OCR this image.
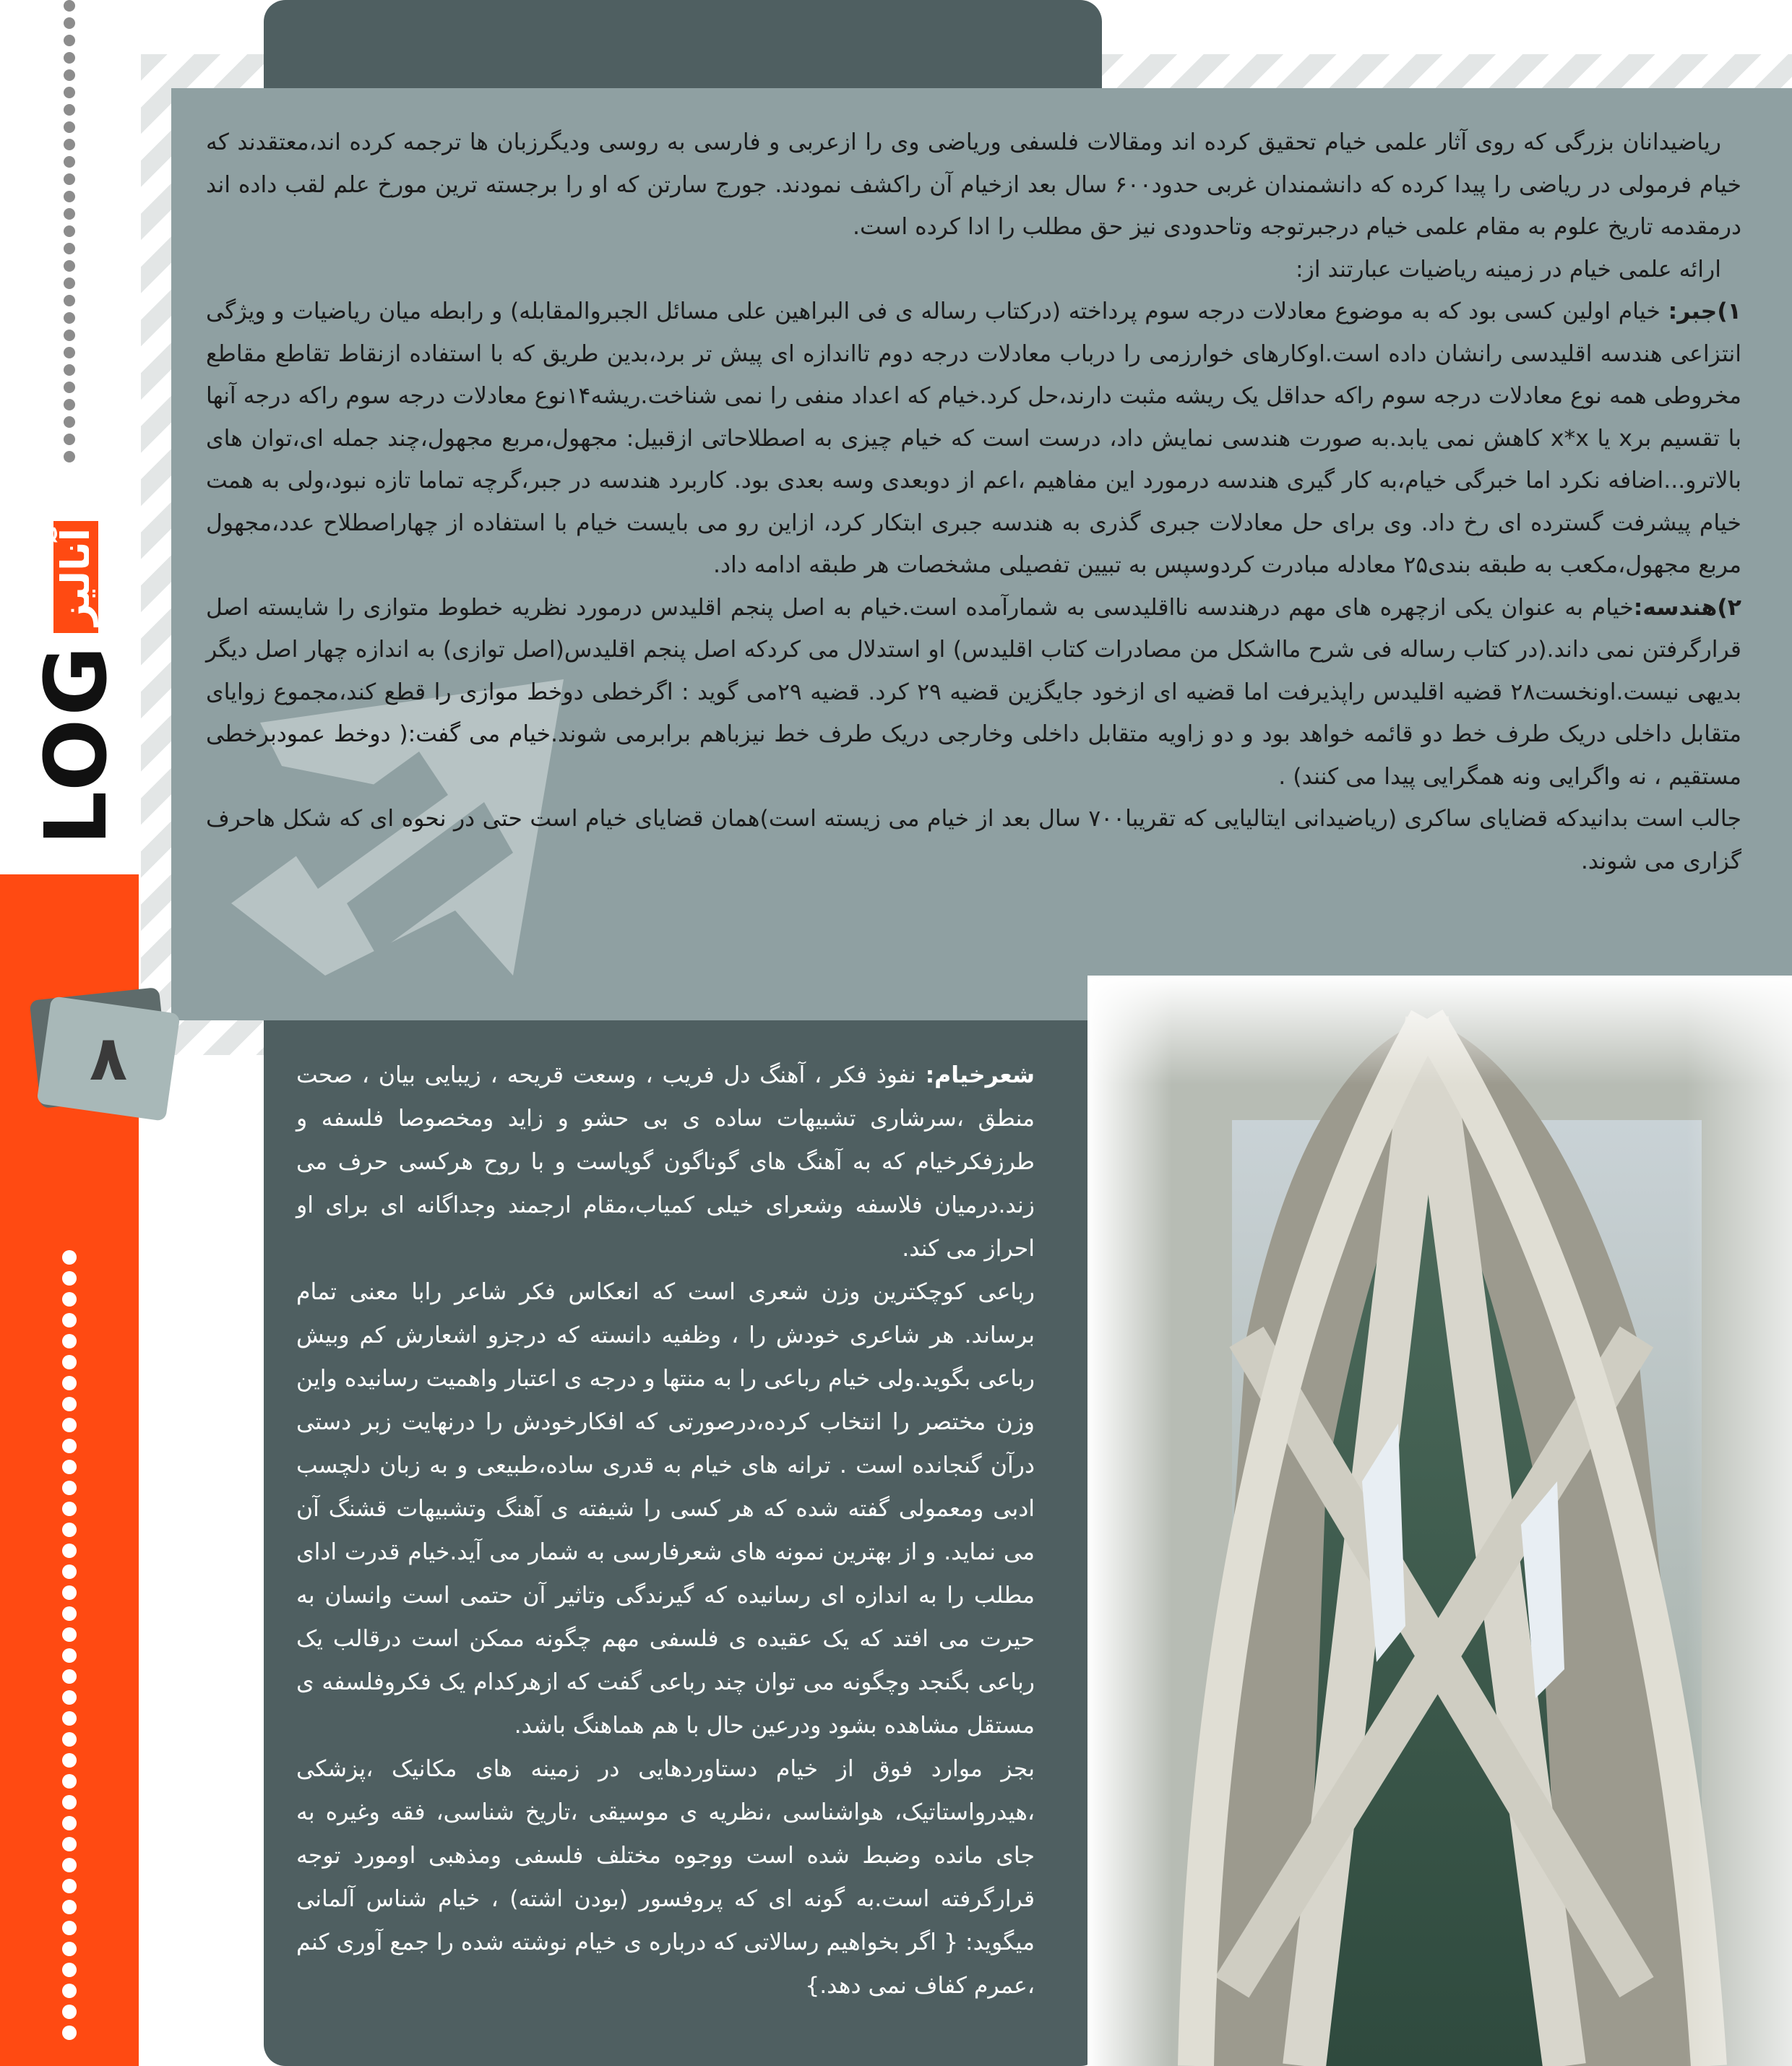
ریاضیدانان بزرگی که روی آثار علمی خیام تحقیق کرده اند ومقالات فلسفی وریاضی وی را ازعربی و فارسی به روسی ودیگرزبان ها ترجمه کرده اند،معتقدند که خیام فرمولی در ریاضی را پیدا کرده که دانشمندان غربی حدود۶۰۰ سال بعد ازخیام آن راکشف نمودند. جورج سارتن که او را برجسته ترین مورخ علم لقب داده اند درمقدمه تاریخ علوم به مقام علمی خیام درجبرتوجه وتاحدودی نیز حق مطلب را ادا کرده است.

ارائه علمی خیام در زمینه ریاضیات عبارتند از:

۱)جبر: خیام اولین کسی بود که به موضوع معادلات درجه سوم پرداخته (درکتاب رساله ی فی البراهین علی مسائل الجبروالمقابله) و رابطه میان ریاضیات و ویژگی انتزاعی هندسه اقلیدسی رانشان داده است.اوکارهای خوارزمی را درباب معادلات درجه دوم تااندازه ای پیش تر برد،بدین طریق که با استفاده ازنقاط تقاطع مقاطع مخروطی همه نوع معادلات درجه سوم راکه حداقل یک ریشه مثبت دارند،حل کرد.خیام که اعداد منفی را نمی شناخت.ریشه۱۴نوع معادلات درجه سوم راکه درجه آنها با تقسیم برx یا x*x کاهش نمی یابد.به صورت هندسی نمایش داد، درست است که خیام چیزی به اصطلاحاتی ازقبیل: مجهول،مربع مجهول،چند جمله ای،توان های بالاترو...اضافه نکرد اما خبرگی خیام،به کار گیری هندسه درمورد این مفاهیم ،اعم از دوبعدی وسه بعدی بود. کاربرد هندسه در جبر،گرچه تماما تازه نبود،ولی به همت خیام پیشرفت گسترده ای رخ داد. وی برای حل معادلات جبری گذری به هندسه جبری ابتکار کرد، ازاین رو می بایست خیام با استفاده از چهاراصطلاح عدد،مجهول مربع مجهول،مکعب به طبقه بندی۲۵ معادله مبادرت کردوسپس به تبیین تفصیلی مشخصات هر طبقه ادامه داد.

۲)هندسه:خیام به عنوان یکی ازچهره های مهم درهندسه نااقلیدسی به شمارآمده است.خیام به اصل پنجم اقلیدس درمورد نظریه خطوط متوازی را شایسته اصل قرارگرفتن نمی داند.(در کتاب رساله فی شرح مااشکل من مصادرات کتاب اقلیدس) او استدلال می کردکه اصل پنجم اقلیدس(اصل توازی) به اندازه چهار اصل دیگر بدیهی نیست.اونخست۲۸ قضیه اقلیدس راپذیرفت اما قضیه ای ازخود جایگزین قضیه ۲۹ کرد. قضیه ۲۹می گوید : اگرخطی دوخط موازی را قطع کند،مجموع زوایای متقابل داخلی دریک طرف خط دو قائمه خواهد بود و دو زاویه متقابل داخلی وخارجی دریک طرف خط نیزباهم برابرمی شوند.خیام می گفت:( دوخط عمودبرخطی مستقیم ، نه واگرایی ونه همگرایی پیدا می کنند) .

جالب است بدانیدکه قضایای ساکری (ریاضیدانی ایتالیایی که تقریبا۷۰۰ سال بعد از خیام می زیسته است)همان قضایای خیام است حتی در نحوه ای که شکل هاحرف گزاری می شوند.

LOG
آنالیز
۸	شعرخیام: نفوذ فکر ، آهنگ دل فریب ، وسعت قریحه ، زیبایی بیان ، صحت منطق ،سرشاری تشبیهات ساده ی بی حشو و زاید ومخصوصا فلسفه و طرزفکرخیام که به آهنگ های گوناگون گویاست و با روح هرکسی حرف می زند.درمیان فلاسفه وشعرای خیلی کمیاب،مقام ارجمند وجداگانه ای برای او احراز می کند.

رباعی کوچکترین وزن شعری است که انعکاس فکر شاعر رابا معنی تمام برساند. هر شاعری خودش را ، وظفیه دانسته که درجزو اشعارش کم وبیش رباعی بگوید.ولی خیام رباعی را به منتها و درجه ی اعتبار واهمیت رسانیده واین وزن مختصر را انتخاب کرده،درصورتی که افکارخودش را درنهایت زبر دستی درآن گنجانده است . ترانه های خیام به قدری ساده،طبیعی و به زبان دلچسب ادبی ومعمولی گفته شده که هر کسی را شیفته ی آهنگ وتشبیهات قشنگ آن می نماید. و از بهترین نمونه های شعرفارسی به شمار می آید.خیام قدرت ادای مطلب را به اندازه ای رسانیده که گیرندگی وتاثیر آن حتمی است وانسان به حیرت می افتد که یک عقیده ی فلسفی مهم چگونه ممکن است درقالب یک رباعی بگنجد وچگونه می توان چند رباعی گفت که ازهرکدام یک فکروفلسفه ی مستقل مشاهده بشود ودرعین حال با هم هماهنگ باشد.

بجز موارد فوق از خیام دستاوردهایی در زمینه های مکانیک ،پزشکی ،هیدرواستاتیک، هواشناسی ،نظریه ی موسیقی ،تاریخ شناسی، فقه وغیره به جای مانده وضبط شده است ووجوه مختلف فلسفی ومذهبی اومورد توجه قرارگرفته است.به گونه ای که پروفسور (بودن اشته) ، خیام شناس آلمانی میگوید: { اگر بخواهیم رسالاتی که درباره ی خیام نوشته شده را جمع آوری کنم ،عمرم کفاف نمی دهد.}
